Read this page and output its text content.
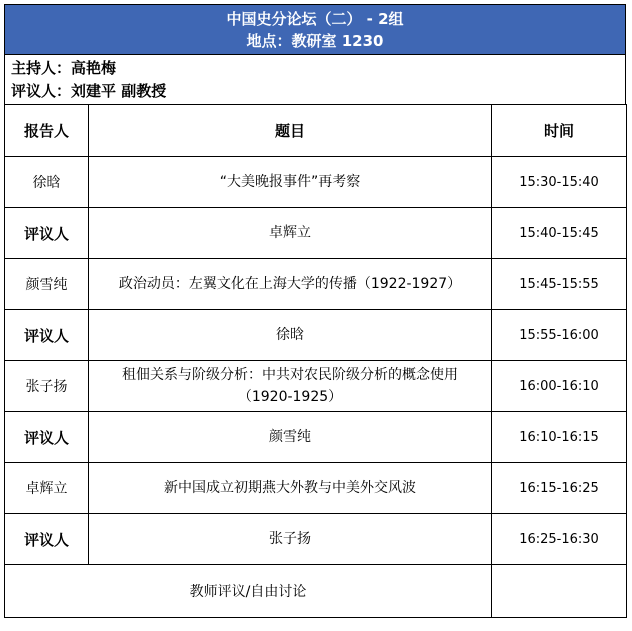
中国史分论坛（二） - 2组
地点：教研室 1230
主持人：高艳梅
评议人：刘建平 副教授
报告人	题目	时间
徐晗	“大美晚报事件”再考察	15:30-15:40
评议人	卓辉立	15:40-15:45
颜雪纯	政治动员：左翼文化在上海大学的传播（1922-1927）	15:45-15:55
评议人	徐晗	15:55-16:00
张子扬	租佃关系与阶级分析：中共对农民阶级分析的概念使用（1920-1925）	16:00-16:10
评议人	颜雪纯	16:10-16:15
卓辉立	新中国成立初期燕大外教与中美外交风波	16:15-16:25
评议人	张子扬	16:25-16:30
教师评议/自由讨论		
